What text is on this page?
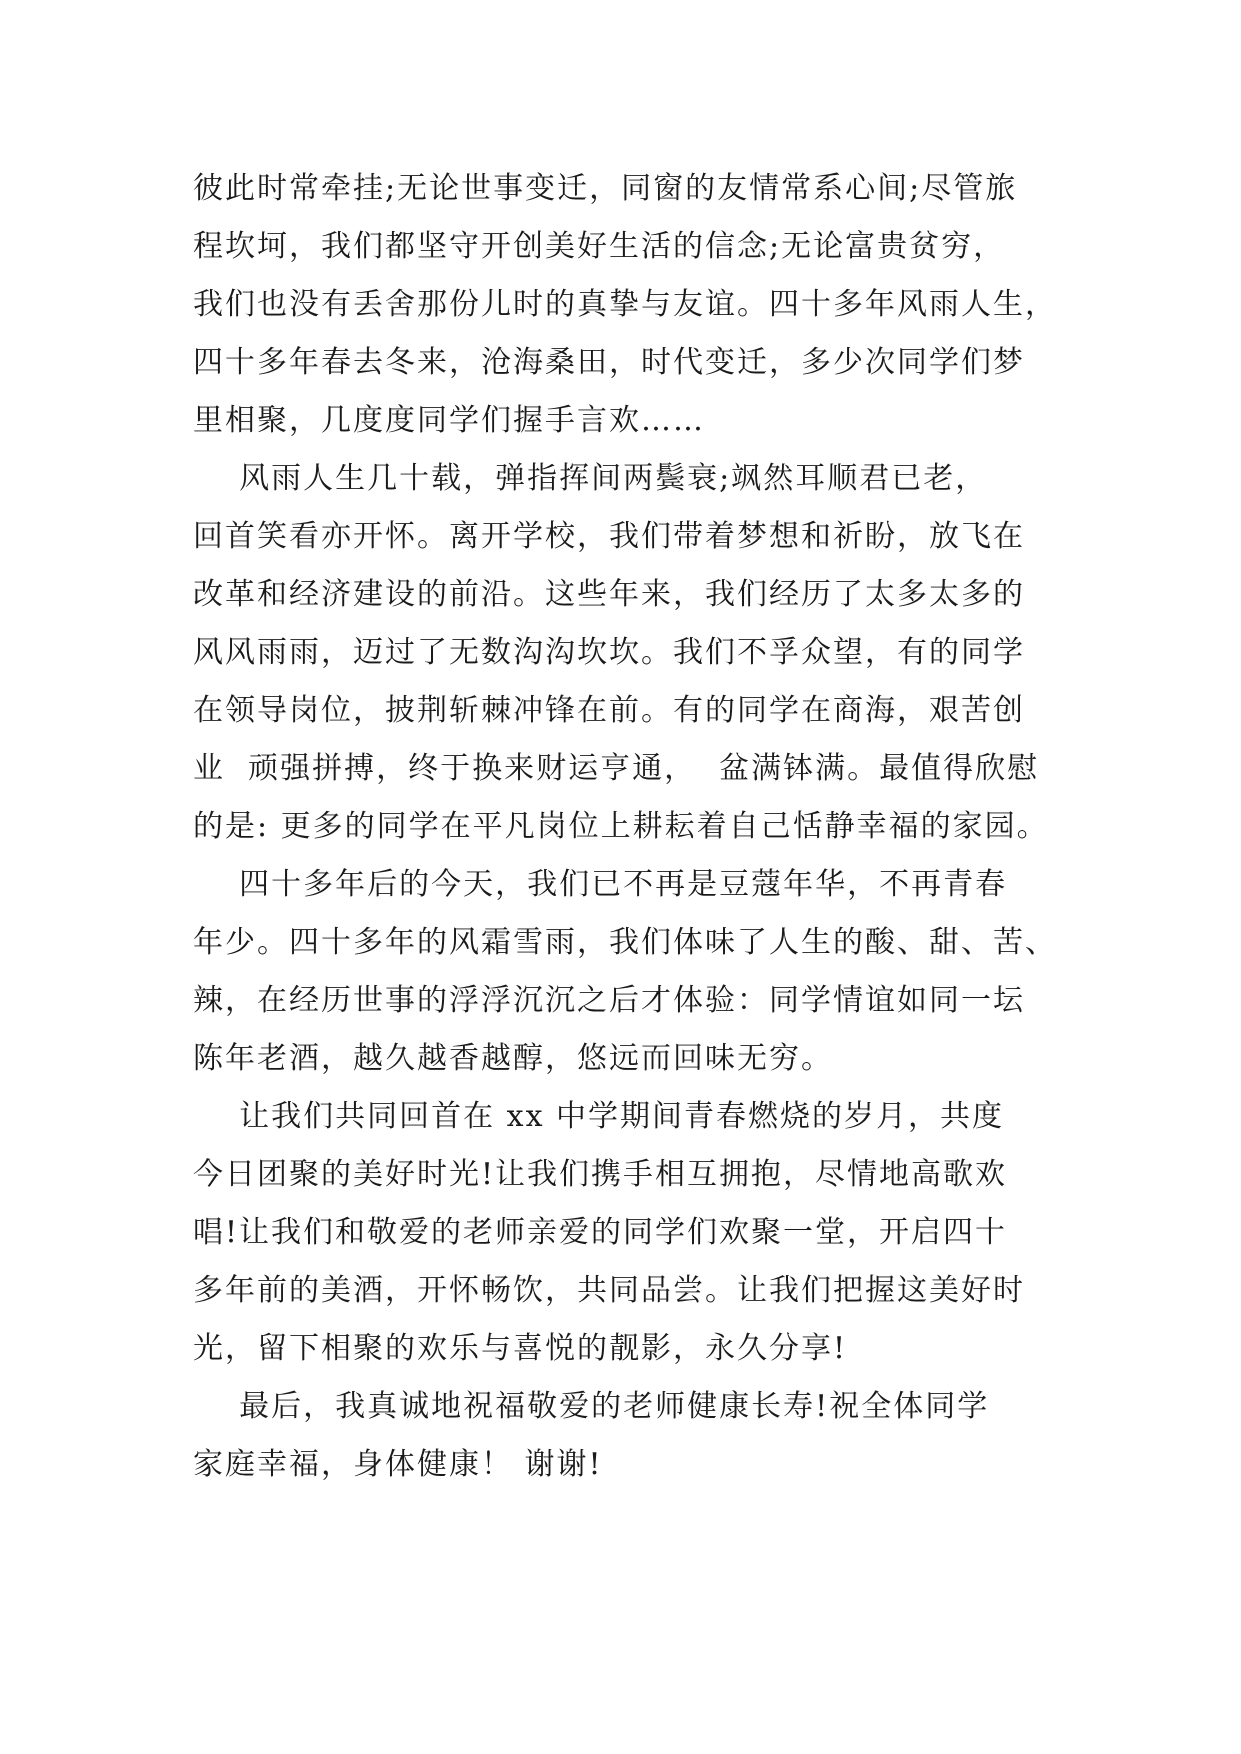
彼此时常牵挂;无论世事变迁，同窗的友情常系心间;尽管旅
程坎坷，我们都坚守开创美好生活的信念;无论富贵贫穷，
我们也没有丢舍那份儿时的真挚与友谊。四十多年风雨人生，
四十多年春去冬来，沧海桑田，时代变迁，多少次同学们梦
里相聚，几度度同学们握手言欢……
风雨人生几十载，弹指挥间两鬓衰;飒然耳顺君已老，
回首笑看亦开怀。离开学校，我们带着梦想和祈盼，放飞在
改革和经济建设的前沿。这些年来，我们经历了太多太多的
风风雨雨，迈过了无数沟沟坎坎。我们不孚众望，有的同学
在领导岗位，披荆斩棘冲锋在前。有的同学在商海，艰苦创
业  顽强拼搏，终于换来财运亨通，  盆满钵满。最值得欣慰
的是: 更多的同学在平凡岗位上耕耘着自己恬静幸福的家园。
四十多年后的今天，我们已不再是豆蔻年华，不再青春
年少。四十多年的风霜雪雨，我们体味了人生的酸、甜、苦、
辣，在经历世事的浮浮沉沉之后才体验：同学情谊如同一坛
陈年老酒，越久越香越醇，悠远而回味无穷。
让我们共同回首在 xx 中学期间青春燃烧的岁月，共度
今日团聚的美好时光!让我们携手相互拥抱，尽情地高歌欢
唱!让我们和敬爱的老师亲爱的同学们欢聚一堂，开启四十
多年前的美酒，开怀畅饮，共同品尝。让我们把握这美好时
光，留下相聚的欢乐与喜悦的靓影，永久分享!
最后，我真诚地祝福敬爱的老师健康长寿!祝全体同学
家庭幸福，身体健康！ 谢谢!
